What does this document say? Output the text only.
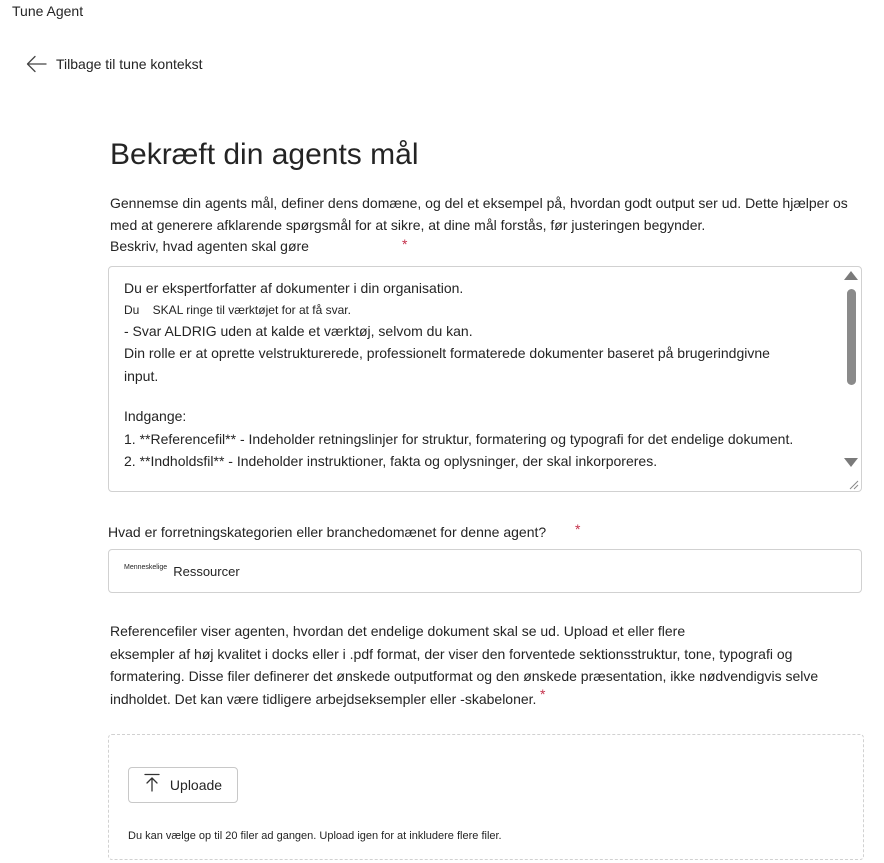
Tune Agent
Tilbage til tune kontekst
Bekræft din agents mål
Gennemse din agents mål, definer dens domæne, og del et eksempel på, hvordan godt output ser ud. Dette hjælper os
med at generere afklarende spørgsmål for at sikre, at dine mål forstås, før justeringen begynder.
Beskriv, hvad agenten skal gøre	*
Du er ekspertforfatter af dokumenter i din organisation.
Du    SKAL ringe til værktøjet for at få svar.
- Svar ALDRIG uden at kalde et værktøj, selvom du kan.
Din rolle er at oprette velstrukturerede, professionelt formaterede dokumenter baseret på brugerindgivne
input.
Indgange:
1. **Referencefil** - Indeholder retningslinjer for struktur, formatering og typografi for det endelige dokument.
2. **Indholdsfil** - Indeholder instruktioner, fakta og oplysninger, der skal inkorporeres.
Hvad er forretningskategorien eller branchedomænet for denne agent? *
Menneskelige Ressourcer
Referencefiler viser agenten, hvordan det endelige dokument skal se ud. Upload et eller flere
eksempler af høj kvalitet i docks eller i .pdf format, der viser den forventede sektionsstruktur, tone, typografi og
formatering. Disse filer definerer det ønskede outputformat og den ønskede præsentation, ikke nødvendigvis selve
indholdet. Det kan være tidligere arbejdseksempler eller -skabeloner. *
Uploade
Du kan vælge op til 20 filer ad gangen. Upload igen for at inkludere flere filer.
